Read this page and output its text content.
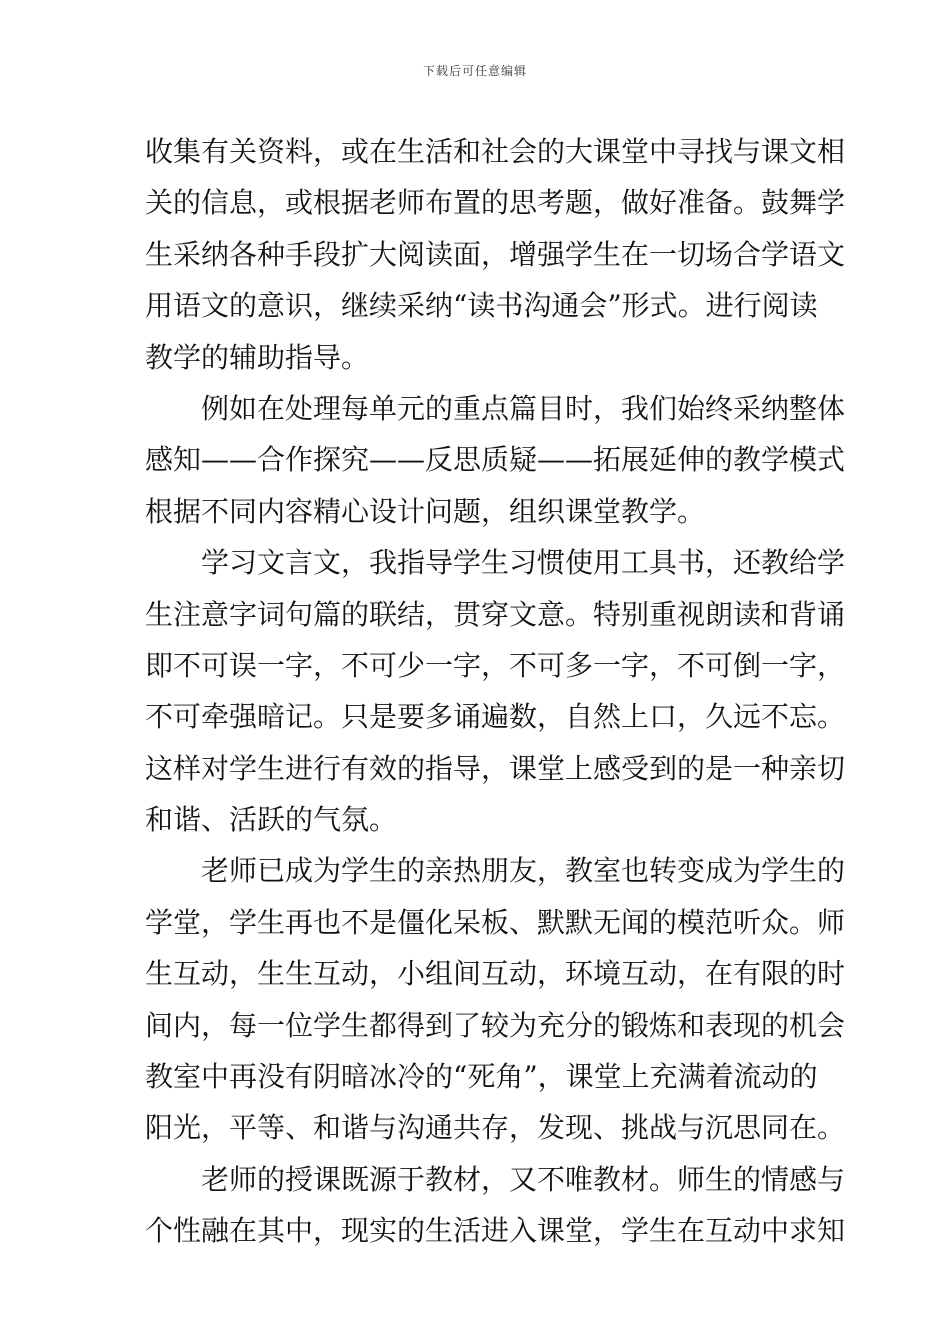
下载后可任意编辑
收集有关资料，或在生活和社会的大课堂中寻找与课文相
关的信息，或根据老师布置的思考题，做好准备。鼓舞学
生采纳各种手段扩大阅读面，增强学生在一切场合学语文
用语文的意识，继续采纳“读书沟通会”形式。进行阅读
教学的辅助指导。
例如在处理每单元的重点篇目时，我们始终采纳整体
感知——合作探究——反思质疑——拓展延伸的教学模式
根据不同内容精心设计问题，组织课堂教学。
学习文言文，我指导学生习惯使用工具书，还教给学
生注意字词句篇的联结，贯穿文意。特别重视朗读和背诵
即不可误一字，不可少一字，不可多一字，不可倒一字，
不可牵强暗记。只是要多诵遍数，自然上口，久远不忘。
这样对学生进行有效的指导，课堂上感受到的是一种亲切
和谐、活跃的气氛。
老师已成为学生的亲热朋友，教室也转变成为学生的
学堂，学生再也不是僵化呆板、默默无闻的模范听众。师
生互动，生生互动，小组间互动，环境互动，在有限的时
间内，每一位学生都得到了较为充分的锻炼和表现的机会
教室中再没有阴暗冰冷的“死角”，课堂上充满着流动的
阳光，平等、和谐与沟通共存，发现、挑战与沉思同在。
老师的授课既源于教材，又不唯教材。师生的情感与
个性融在其中，现实的生活进入课堂，学生在互动中求知
